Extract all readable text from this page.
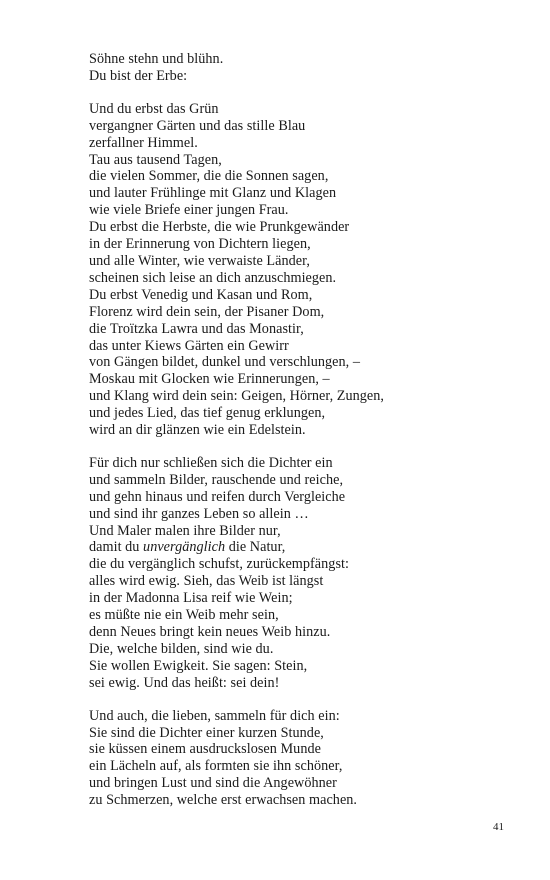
Söhne stehn und blühn.
Du bist der Erbe:
Und du erbst das Grün
vergangner Gärten und das stille Blau
zerfallner Himmel.
Tau aus tausend Tagen,
die vielen Sommer, die die Sonnen sagen,
und lauter Frühlinge mit Glanz und Klagen
wie viele Briefe einer jungen Frau.
Du erbst die Herbste, die wie Prunkgewänder
in der Erinnerung von Dichtern liegen,
und alle Winter, wie verwaiste Länder,
scheinen sich leise an dich anzuschmiegen.
Du erbst Venedig und Kasan und Rom,
Florenz wird dein sein, der Pisaner Dom,
die Troïtzka Lawra und das Monastir,
das unter Kiews Gärten ein Gewirr
von Gängen bildet, dunkel und verschlungen, –
Moskau mit Glocken wie Erinnerungen, –
und Klang wird dein sein: Geigen, Hörner, Zungen,
und jedes Lied, das tief genug erklungen,
wird an dir glänzen wie ein Edelstein.
Für dich nur schließen sich die Dichter ein
und sammeln Bilder, rauschende und reiche,
und gehn hinaus und reifen durch Vergleiche
und sind ihr ganzes Leben so allein …
Und Maler malen ihre Bilder nur,
damit du unvergänglich die Natur,
die du vergänglich schufst, zurückempfängst:
alles wird ewig. Sieh, das Weib ist längst
in der Madonna Lisa reif wie Wein;
es müßte nie ein Weib mehr sein,
denn Neues bringt kein neues Weib hinzu.
Die, welche bilden, sind wie du.
Sie wollen Ewigkeit. Sie sagen: Stein,
sei ewig. Und das heißt: sei dein!
Und auch, die lieben, sammeln für dich ein:
Sie sind die Dichter einer kurzen Stunde,
sie küssen einem ausdruckslosen Munde
ein Lächeln auf, als formten sie ihn schöner,
und bringen Lust und sind die Angewöhner
zu Schmerzen, welche erst erwachsen machen.
41
